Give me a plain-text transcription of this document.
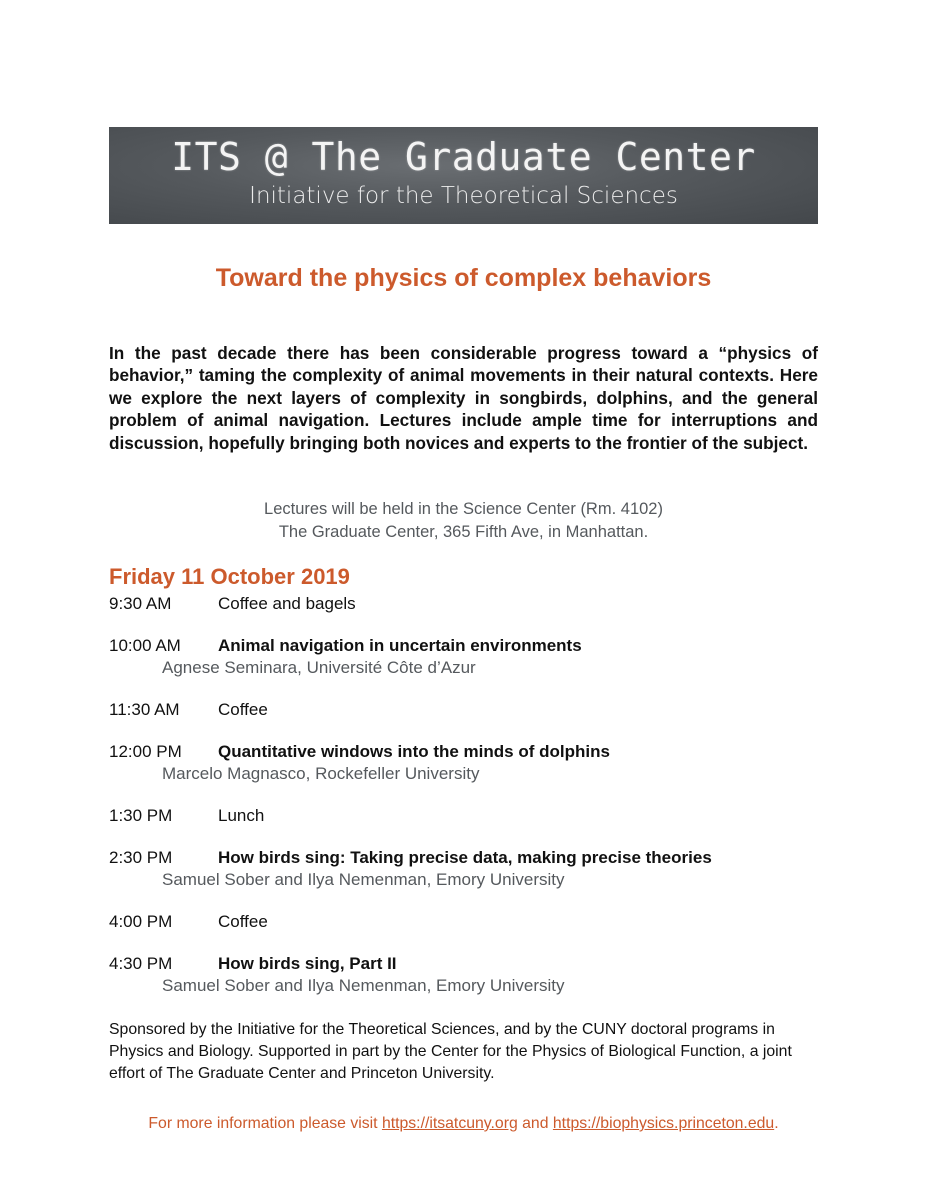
ITS @ The Graduate Center
Initiative for the Theoretical Sciences
Toward the physics of complex behaviors
In the past decade there has been considerable progress toward a “physics of behavior,” taming the complexity of animal movements in their natural contexts. Here we explore the next layers of complexity in songbirds, dolphins, and the general problem of animal navigation. Lectures include ample time for interruptions and discussion, hopefully bringing both novices and experts to the frontier of the subject.
Lectures will be held in the Science Center (Rm. 4102)
The Graduate Center, 365 Fifth Ave, in Manhattan.
Friday 11 October 2019
9:30 AM	Coffee and bagels
10:00 AM Animal navigation in uncertain environments
Agnese Seminara, Université Côte d’Azur
11:30 AM Coffee
12:00 PM Quantitative windows into the minds of dolphins
Marcelo Magnasco, Rockefeller University
1:30 PM	Lunch
2:30 PM	How birds sing: Taking precise data, making precise theories
Samuel Sober and Ilya Nemenman, Emory University
4:00 PM	Coffee
4:30 PM	How birds sing, Part II
Samuel Sober and Ilya Nemenman, Emory University
Sponsored by the Initiative for the Theoretical Sciences, and by the CUNY doctoral programs in Physics and Biology. Supported in part by the Center for the Physics of Biological Function, a joint effort of The Graduate Center and Princeton University.
For more information please visit https://itsatcuny.org and https://biophysics.princeton.edu.
